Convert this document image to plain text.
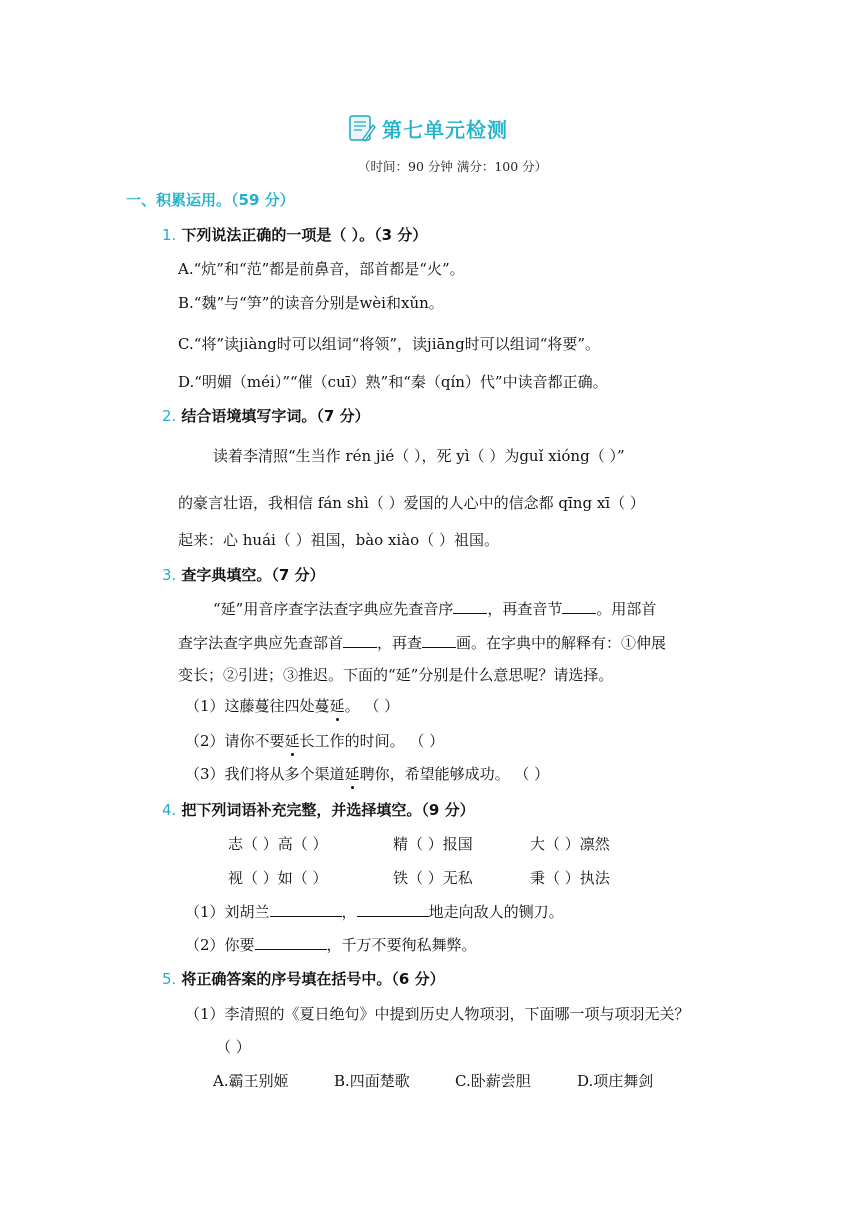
第七单元检测
（时间：90 分钟 满分：100 分）
一、积累运用。（59 分）
1. 下列说法正确的一项是（ ）。（3 分）
A.“炕”和“范”都是前鼻音，部首都是“火”。
B.“魏”与“笋”的读音分别是wèi和xǔn。
C.“将”读jiàng时可以组词“将领”，读jiāng时可以组词“将要”。
D.“明媚（méi）”“催（cuī）熟”和“秦（qín）代”中读音都正确。
2. 结合语境填写字词。（7 分）
读着李清照“生当作 rén jié（ ），死 yì（ ）为guǐ xióng（ ）”
的豪言壮语，我相信 fán shì（ ）爱国的人心中的信念都 qīng xī（ ）
起来：心 huái（ ）祖国，bào xiào（ ）祖国。
3. 查字典填空。（7 分）
“延”用音序查字法查字典应先查音序 ，再查音节 。用部首
查字法查字典应先查部首 ，再查 画。在字典中的解释有：①伸展
变长；②引进；③推迟。下面的“延”分别是什么意思呢？请选择。
（1）这藤蔓往四处蔓延。 （ ）
（2）请你不要延长工作的时间。 （ ）
（3）我们将从多个渠道延聘你，希望能够成功。 （ ）
4. 把下列词语补充完整，并选择填空。（9 分）
志（ ）高（ ）	精（ ）报国	大（ ）凛然
视（ ）如（ ）	铁（ ）无私	秉（ ）执法
（1）刘胡兰	，	地走向敌人的铡刀。
（2）你要	，千万不要徇私舞弊。
5. 将正确答案的序号填在括号中。（6 分）
（1）李清照的《夏日绝句》中提到历史人物项羽，下面哪一项与项羽无关？
（ ）
A.霸王别姬	B.四面楚歌	C.卧薪尝胆	D.项庄舞剑
